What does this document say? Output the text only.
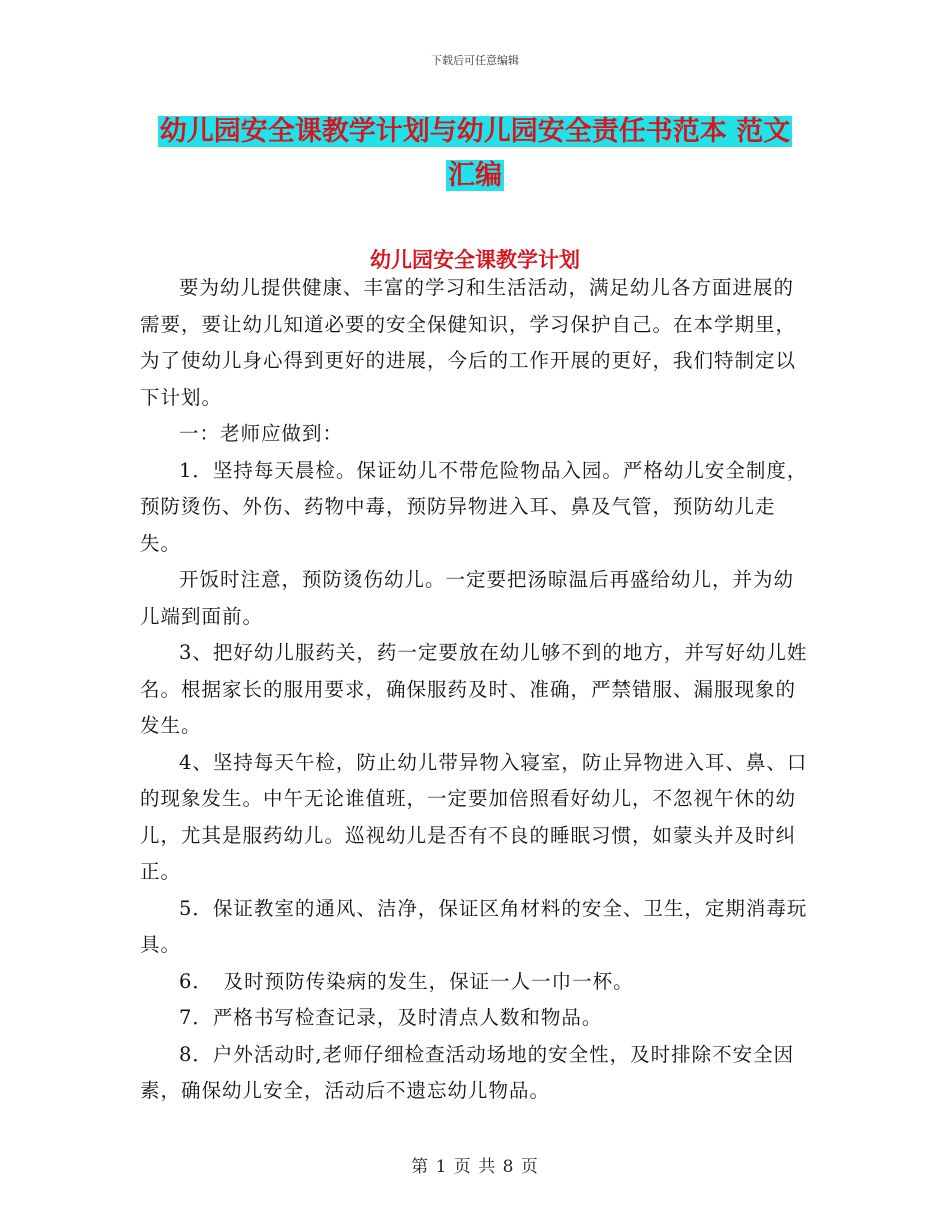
下载后可任意编辑
幼儿园安全课教学计划与幼儿园安全责任书范本 范文
汇编
幼儿园安全课教学计划

要为幼儿提供健康、丰富的学习和生活活动，满足幼儿各方面进展的需要，要让幼儿知道必要的安全保健知识，学习保护自己。在本学期里，为了使幼儿身心得到更好的进展，今后的工作开展的更好，我们特制定以下计划。

一：老师应做到：

1．坚持每天晨检。保证幼儿不带危险物品入园。严格幼儿安全制度，预防烫伤、外伤、药物中毒，预防异物进入耳、鼻及气管，预防幼儿走失。

开饭时注意，预防烫伤幼儿。一定要把汤晾温后再盛给幼儿，并为幼儿端到面前。

3、把好幼儿服药关，药一定要放在幼儿够不到的地方，并写好幼儿姓名。根据家长的服用要求，确保服药及时、准确，严禁错服、漏服现象的发生。

4、坚持每天午检，防止幼儿带异物入寝室，防止异物进入耳、鼻、口的现象发生。中午无论谁值班，一定要加倍照看好幼儿，不忽视午休的幼儿，尤其是服药幼儿。巡视幼儿是否有不良的睡眠习惯，如蒙头并及时纠正。

5．保证教室的通风、洁净，保证区角材料的安全、卫生，定期消毒玩具。

6．　及时预防传染病的发生，保证一人一巾一杯。

7．严格书写检查记录，及时清点人数和物品。

8．户外活动时,老师仔细检查活动场地的安全性，及时排除不安全因素，确保幼儿安全，活动后不遗忘幼儿物品。

第 1 页 共 8 页
